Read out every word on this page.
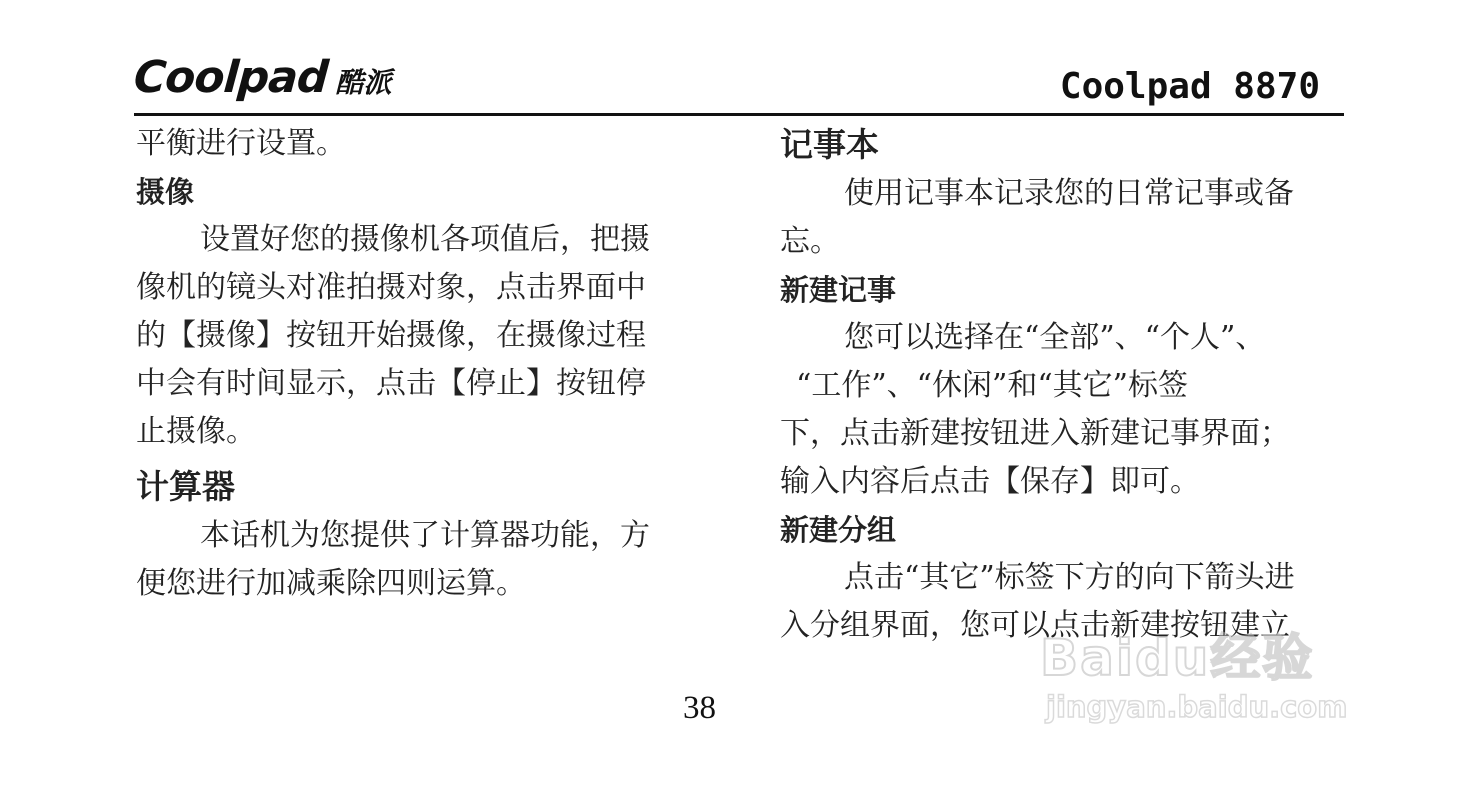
Coolpad 酷派	Coolpad 8870

平衡进行设置。

摄像

设置好您的摄像机各项值后，把摄

像机的镜头对准拍摄对象，点击界面中

的【摄像】按钮开始摄像，在摄像过程

中会有时间显示，点击【停止】按钮停

止摄像。

计算器

本话机为您提供了计算器功能，方

便您进行加减乘除四则运算。

记事本

使用记事本记录您的日常记事或备

忘。

新建记事

您可以选择在“全部”、“个人”、

“工作”、“休闲”和“其它”标签

下，点击新建按钮进入新建记事界面；

输入内容后点击【保存】即可。

新建分组

点击“其它”标签下方的向下箭头进

入分组界面，您可以点击新建按钮建立

38
Baidu经验
jingyan.baidu.com
